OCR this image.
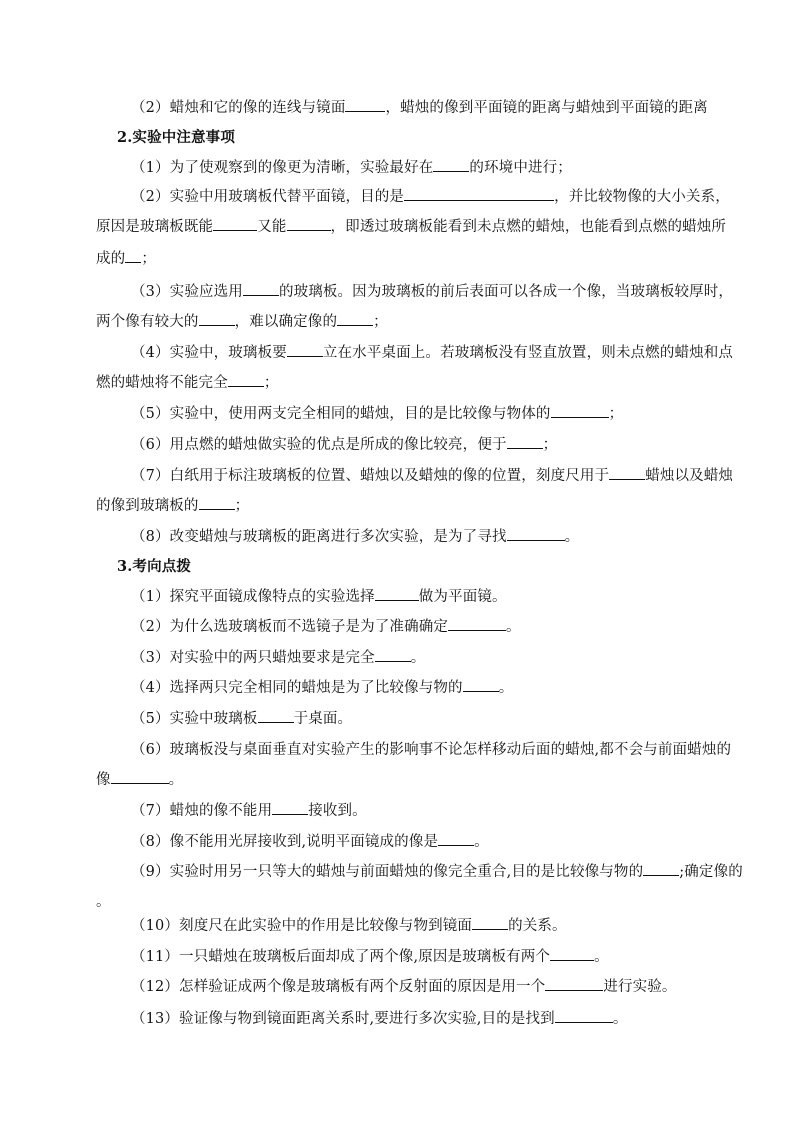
（2）蜡烛和它的像的连线与镜面	，蜡烛的像到平面镜的距离与蜡烛到平面镜的距离
2.实验中注意事项
（1）为了使观察到的像更为清晰，实验最好在 的环境中进行；
（2）实验中用玻璃板代替平面镜，目的是	，并比较物像的大小关系，
原因是玻璃板既能	又能	，即透过玻璃板能看到未点燃的蜡烛，也能看到点燃的蜡烛所
成的 ；
（3）实验应选用 的玻璃板。因为玻璃板的前后表面可以各成一个像，当玻璃板较厚时，
两个像有较大的 ，难以确定像的 ；
（4）实验中，玻璃板要 立在水平桌面上。若玻璃板没有竖直放置，则未点燃的蜡烛和点
燃的蜡烛将不能完全 ；
（5）实验中，使用两支完全相同的蜡烛，目的是比较像与物体的	；
（6）用点燃的蜡烛做实验的优点是所成的像比较亮，便于 ；
（7）白纸用于标注玻璃板的位置、蜡烛以及蜡烛的像的位置，刻度尺用于 蜡烛以及蜡烛
的像到玻璃板的 ；
（8）改变蜡烛与玻璃板的距离进行多次实验，是为了寻找	。
3.考向点拨
（1）探究平面镜成像特点的实验选择	做为平面镜。
（2）为什么选玻璃板而不选镜子是为了准确确定	。
（3）对实验中的两只蜡烛要求是完全 。
（4）选择两只完全相同的蜡烛是为了比较像与物的 。
（5）实验中玻璃板 于桌面。
（6）玻璃板没与桌面垂直对实验产生的影响事不论怎样移动后面的蜡烛,都不会与前面蜡烛的
像	。
（7）蜡烛的像不能用 接收到。
（8）像不能用光屏接收到,说明平面镜成的像是 。
（9）实验时用另一只等大的蜡烛与前面蜡烛的像完全重合,目的是比较像与物的 ;确定像的
。
（10）刻度尺在此实验中的作用是比较像与物到镜面 的关系。
（11）一只蜡烛在玻璃板后面却成了两个像,原因是玻璃板有两个	。
（12）怎样验证成两个像是玻璃板有两个反射面的原因是用一个	进行实验。
（13）验证像与物到镜面距离关系时,要进行多次实验,目的是找到	。
